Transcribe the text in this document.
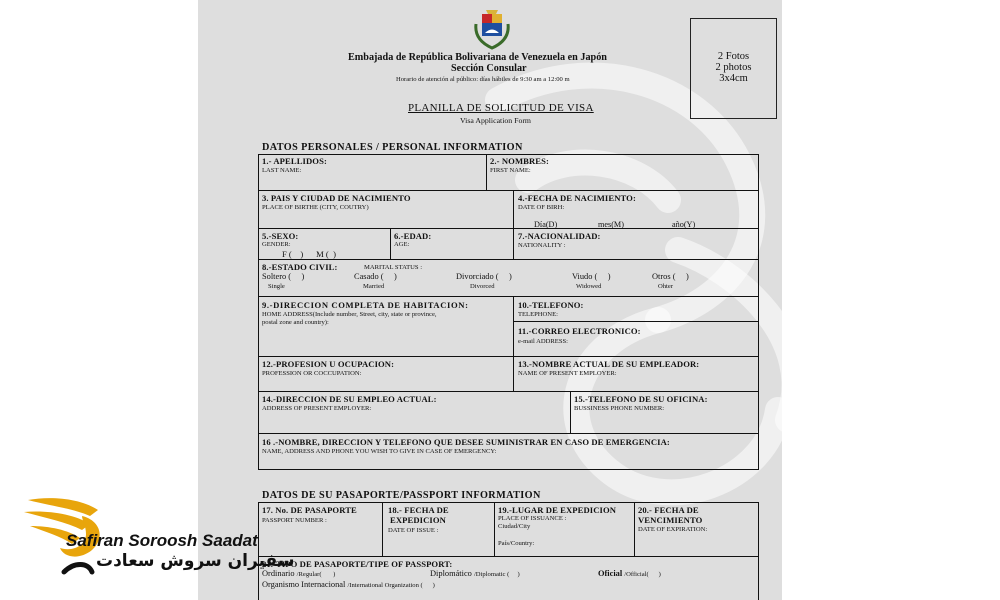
Embajada de República Bolivariana de Venezuela en Japón
Sección Consular
Horario de atención al público: días hábiles de 9:30 am a 12:00 m
PLANILLA DE SOLICITUD DE VISA
Visa Application Form
2 Fotos
2 photos
3x4cm
DATOS PERSONALES / PERSONAL INFORMATION
1.- APELLIDOS:
LAST NAME:
2.- NOMBRES:
FIRST NAME:
3. PAIS Y CIUDAD DE NACIMIENTO
PLACE OF BIRTHE (CITY, COUTRY)
4.-FECHA DE NACIMIENTO:
DATE OF BIRH:
Día(D)	mes(M)	año(Y)
5.-SEXO:
GENDER:
F (    )      M (  )
6.-EDAD:
AGE:
7.-NACIONALIDAD:
NATIONALITY :
8.-ESTADO CIVIL:	MARITAL STATUS :
Soltero (     )
Single
Casado (     )
Married
Divorciado (     )
Divorced
Viudo (     )
Widowed
Otros (     )
Ohter
9.-DIRECCION COMPLETA DE HABITACION:
HOME ADDRESS(Include number, Street, city, state or province,
postal zone and country):
10.-TELEFONO:
TELEPHONE:
11.-CORREO ELECTRONICO:
e-mail ADDRESS:
12.-PROFESION U OCUPACION:
PROFESSION OR COCCUPATION:
13.-NOMBRE ACTUAL DE SU EMPLEADOR:
NAME OF PRESENT EMPLOYER:
14.-DIRECCION DE SU EMPLEO ACTUAL:
ADDRESS OF PRESENT EMPLOYER:
15.-TELEFONO DE SU OFICINA:
BUSSINESS PHONE NUMBER:
16 .-NOMBRE, DIRECCION Y TELEFONO QUE DESEE SUMINISTRAR EN CASO DE EMERGENCIA:
NAME, ADDRESS AND PHONE YOU WISH TO GIVE IN CASE OF EMERGENCY:
DATOS DE SU PASAPORTE/PASSPORT INFORMATION
17. No. DE PASAPORTE
PASSPORT NUMBER :
18.- FECHA DE
EXPEDICION
DATE OF ISSUE :
19.-LUGAR DE EXPEDICION
PLACE OF ISSUANCE :
Ciudad/City
País/Country:
20.- FECHA DE
VENCIMIENTO
DATE OF EXPIRATION:
21.-TIPO DE PASAPORTE/TIPE OF PASSPORT:
Ordinario /Regular(       )	Diplomático /Diplomatic (     )	Oficial /Official(      )
Organismo Internacional /International Organization (      )
Safiran Soroosh Saadat
سفیران سروش سعادت
